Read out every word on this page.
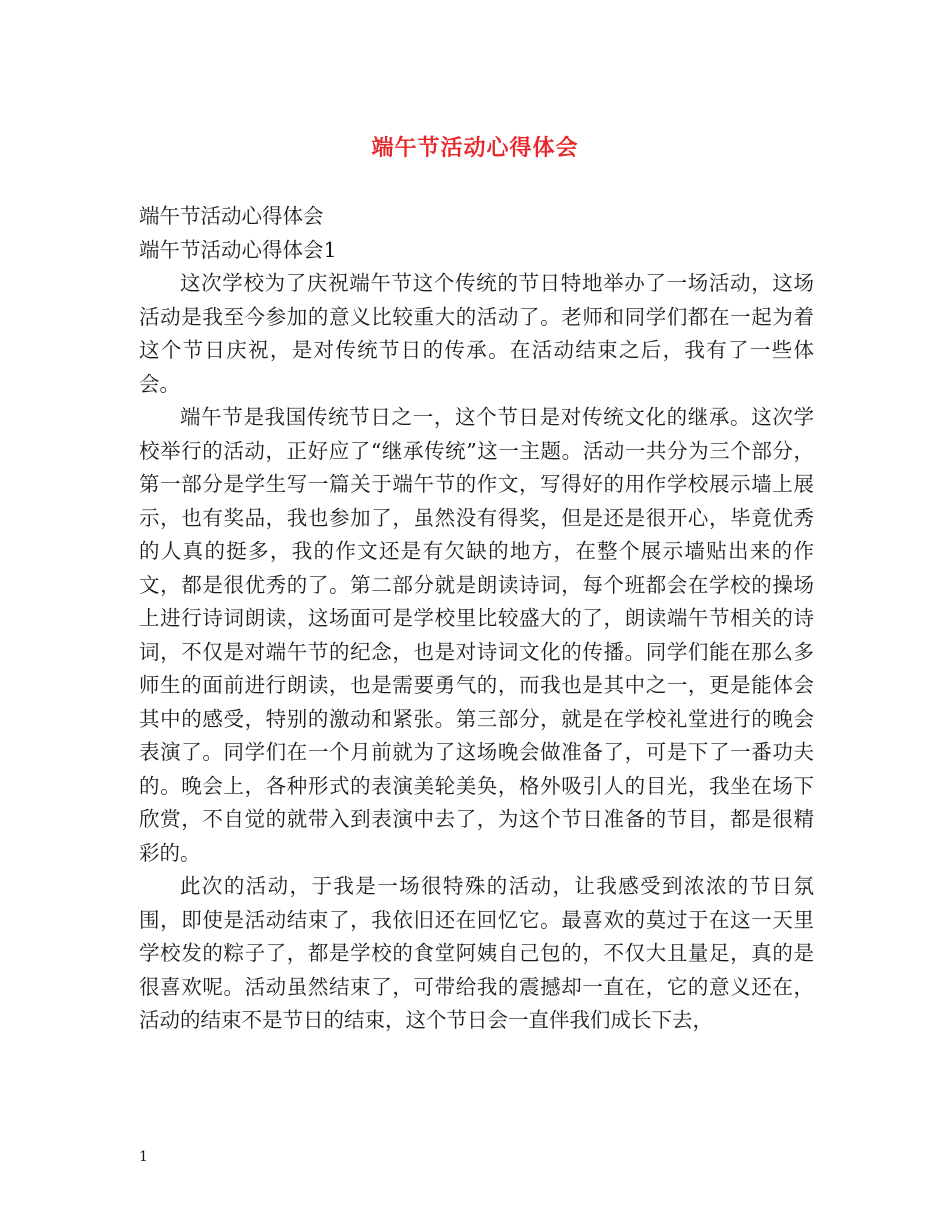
端午节活动心得体会

端午节活动心得体会

端午节活动心得体会1

这次学校为了庆祝端午节这个传统的节日特地举办了一场活动，这场活动是我至今参加的意义比较重大的活动了。老师和同学们都在一起为着这个节日庆祝，是对传统节日的传承。在活动结束之后，我有了一些体会。

端午节是我国传统节日之一，这个节日是对传统文化的继承。这次学校举行的活动，正好应了“继承传统”这一主题。活动一共分为三个部分，第一部分是学生写一篇关于端午节的作文，写得好的用作学校展示墙上展示，也有奖品，我也参加了，虽然没有得奖，但是还是很开心，毕竟优秀的人真的挺多，我的作文还是有欠缺的地方，在整个展示墙贴出来的作文，都是很优秀的了。第二部分就是朗读诗词，每个班都会在学校的操场上进行诗词朗读，这场面可是学校里比较盛大的了，朗读端午节相关的诗词，不仅是对端午节的纪念，也是对诗词文化的传播。同学们能在那么多师生的面前进行朗读，也是需要勇气的，而我也是其中之一，更是能体会其中的感受，特别的激动和紧张。第三部分，就是在学校礼堂进行的晚会表演了。同学们在一个月前就为了这场晚会做准备了，可是下了一番功夫的。晚会上，各种形式的表演美轮美奂，格外吸引人的目光，我坐在场下欣赏，不自觉的就带入到表演中去了，为这个节日准备的节目，都是很精彩的。

此次的活动，于我是一场很特殊的活动，让我感受到浓浓的节日氛围，即使是活动结束了，我依旧还在回忆它。最喜欢的莫过于在这一天里学校发的粽子了，都是学校的食堂阿姨自己包的，不仅大且量足，真的是很喜欢呢。活动虽然结束了，可带给我的震撼却一直在，它的意义还在，活动的结束不是节日的结束，这个节日会一直伴我们成长下去，

1
